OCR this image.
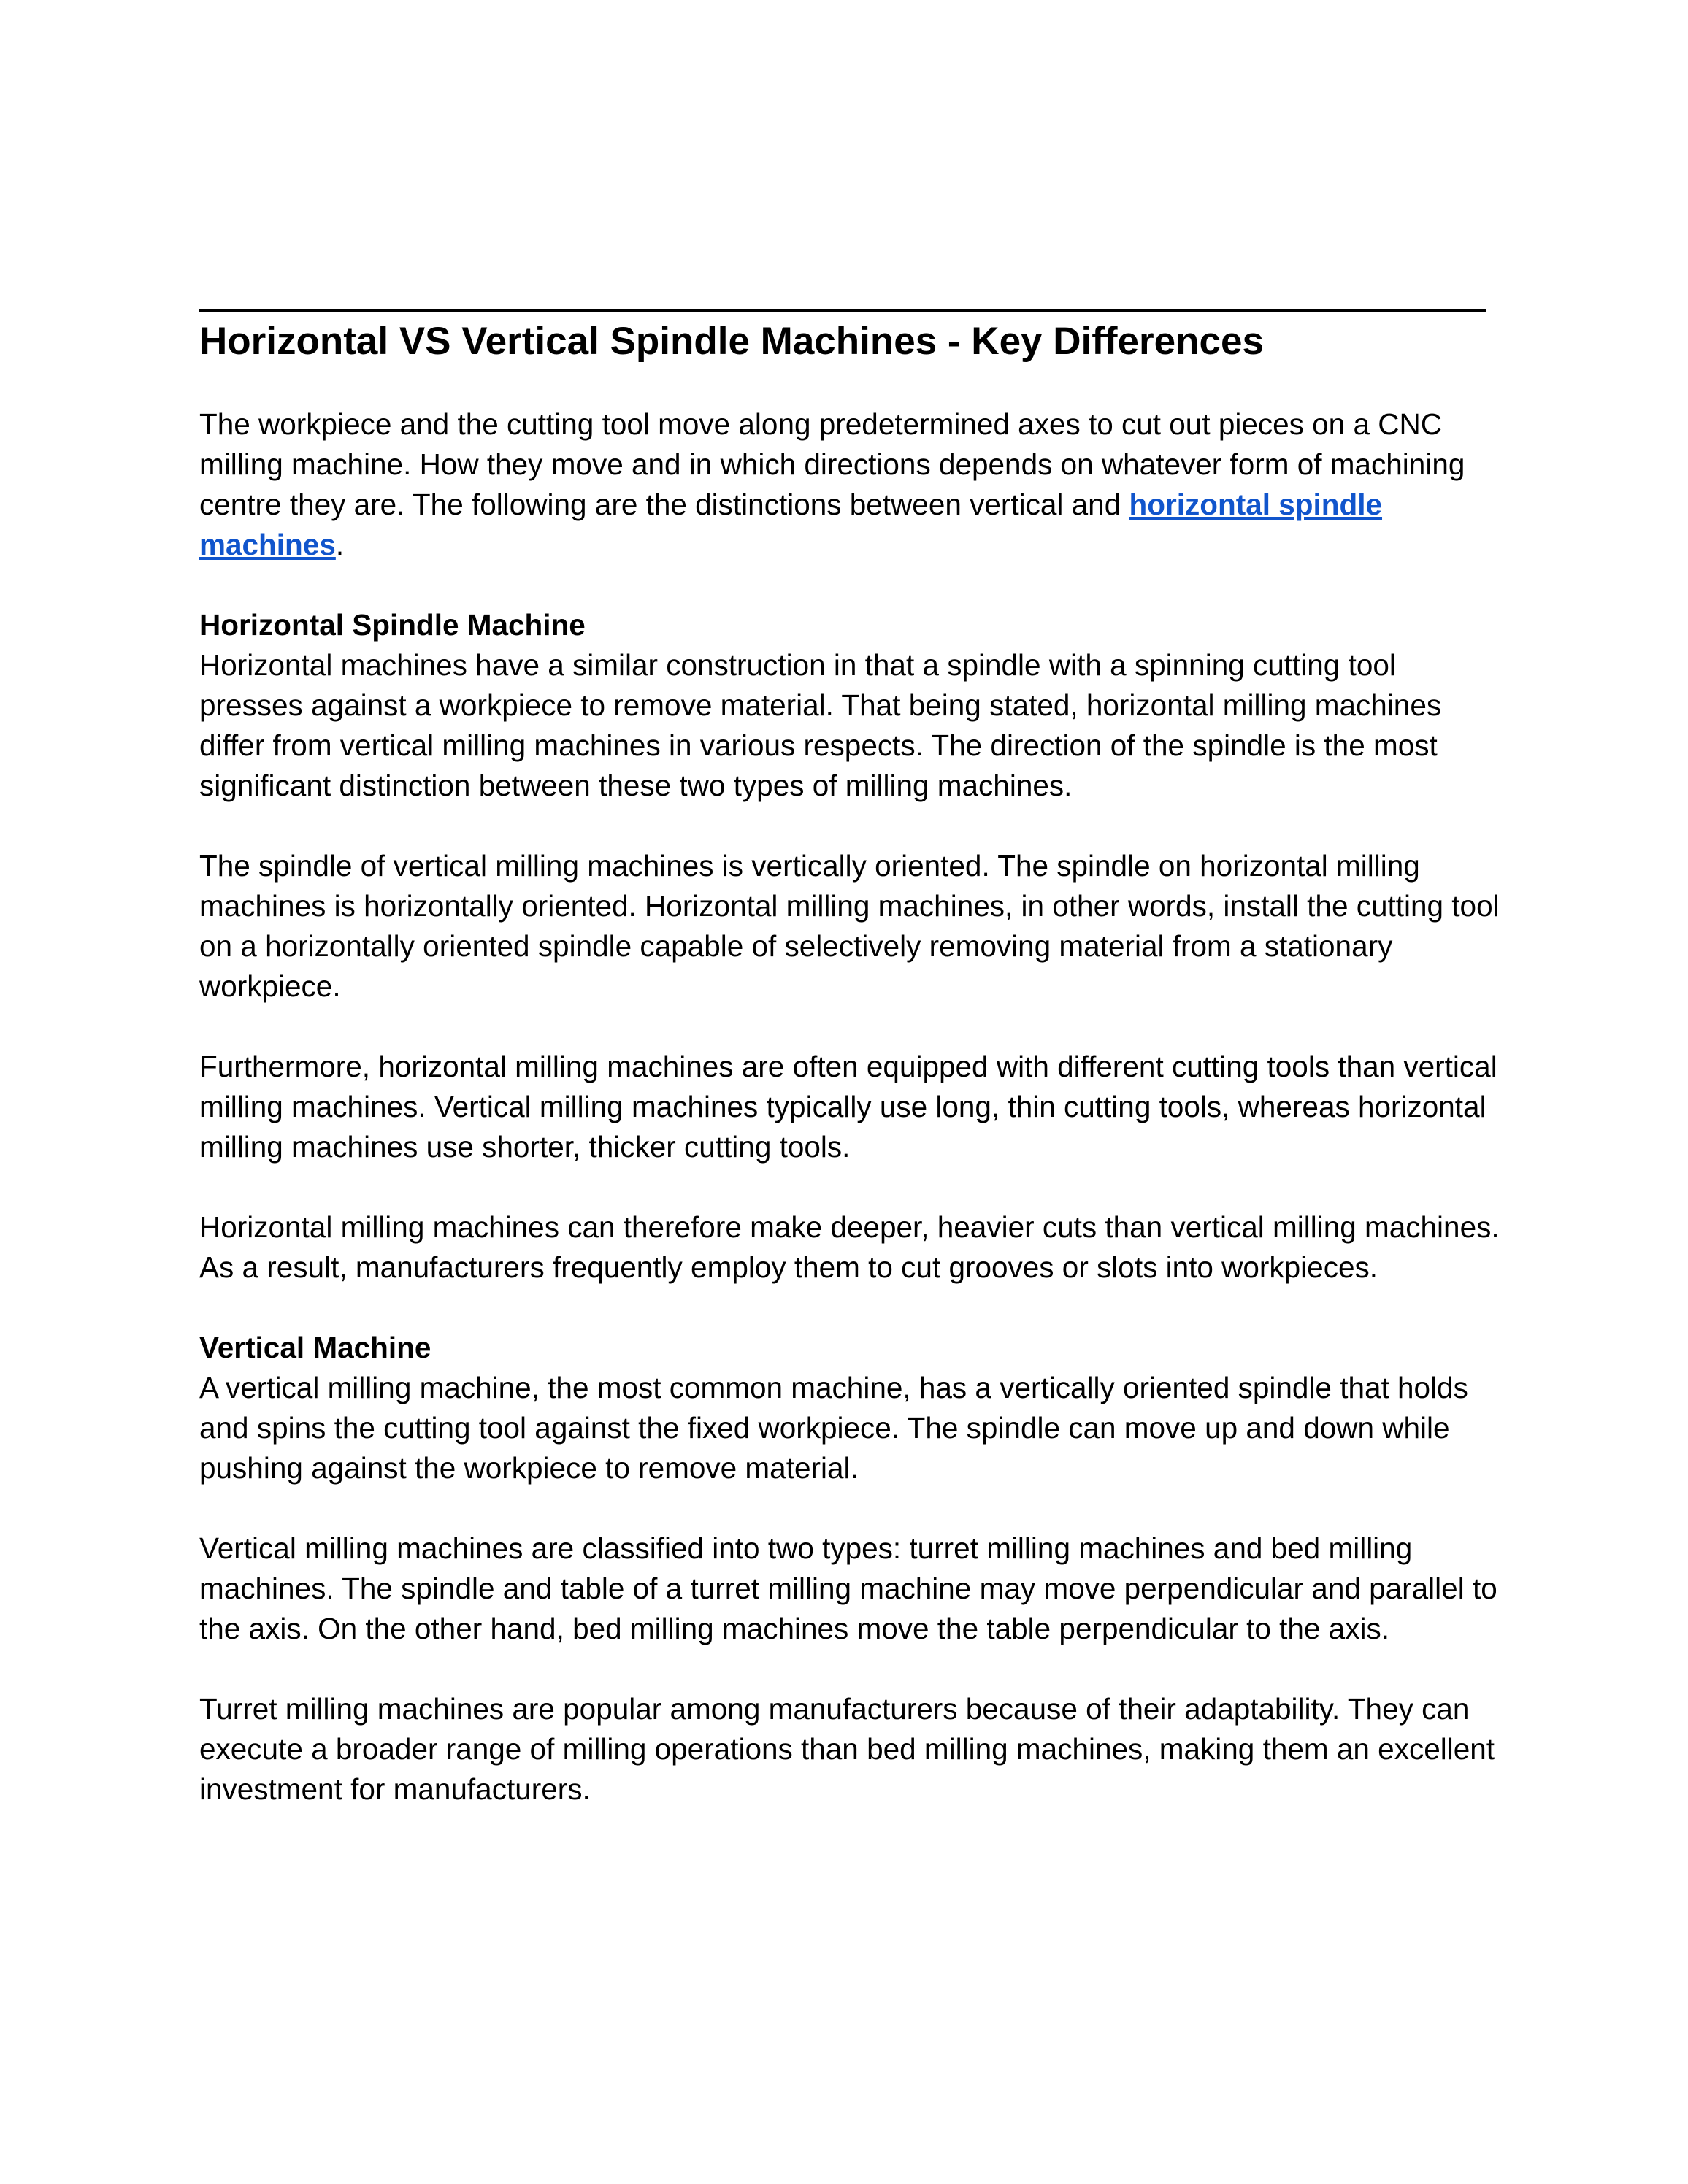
Horizontal VS Vertical Spindle Machines - Key Differences

The workpiece and the cutting tool move along predetermined axes to cut out pieces on a CNC milling machine. How they move and in which directions depends on whatever form of machining centre they are. The following are the distinctions between vertical and horizontal spindle machines.

Horizontal Spindle Machine
Horizontal machines have a similar construction in that a spindle with a spinning cutting tool presses against a workpiece to remove material. That being stated, horizontal milling machines differ from vertical milling machines in various respects. The direction of the spindle is the most significant distinction between these two types of milling machines.

The spindle of vertical milling machines is vertically oriented. The spindle on horizontal milling machines is horizontally oriented. Horizontal milling machines, in other words, install the cutting tool on a horizontally oriented spindle capable of selectively removing material from a stationary workpiece.

Furthermore, horizontal milling machines are often equipped with different cutting tools than vertical milling machines. Vertical milling machines typically use long, thin cutting tools, whereas horizontal milling machines use shorter, thicker cutting tools.

Horizontal milling machines can therefore make deeper, heavier cuts than vertical milling machines. As a result, manufacturers frequently employ them to cut grooves or slots into workpieces.

Vertical Machine
A vertical milling machine, the most common machine, has a vertically oriented spindle that holds and spins the cutting tool against the fixed workpiece. The spindle can move up and down while pushing against the workpiece to remove material.

Vertical milling machines are classified into two types: turret milling machines and bed milling machines. The spindle and table of a turret milling machine may move perpendicular and parallel to the axis. On the other hand, bed milling machines move the table perpendicular to the axis.

Turret milling machines are popular among manufacturers because of their adaptability. They can execute a broader range of milling operations than bed milling machines, making them an excellent investment for manufacturers.
